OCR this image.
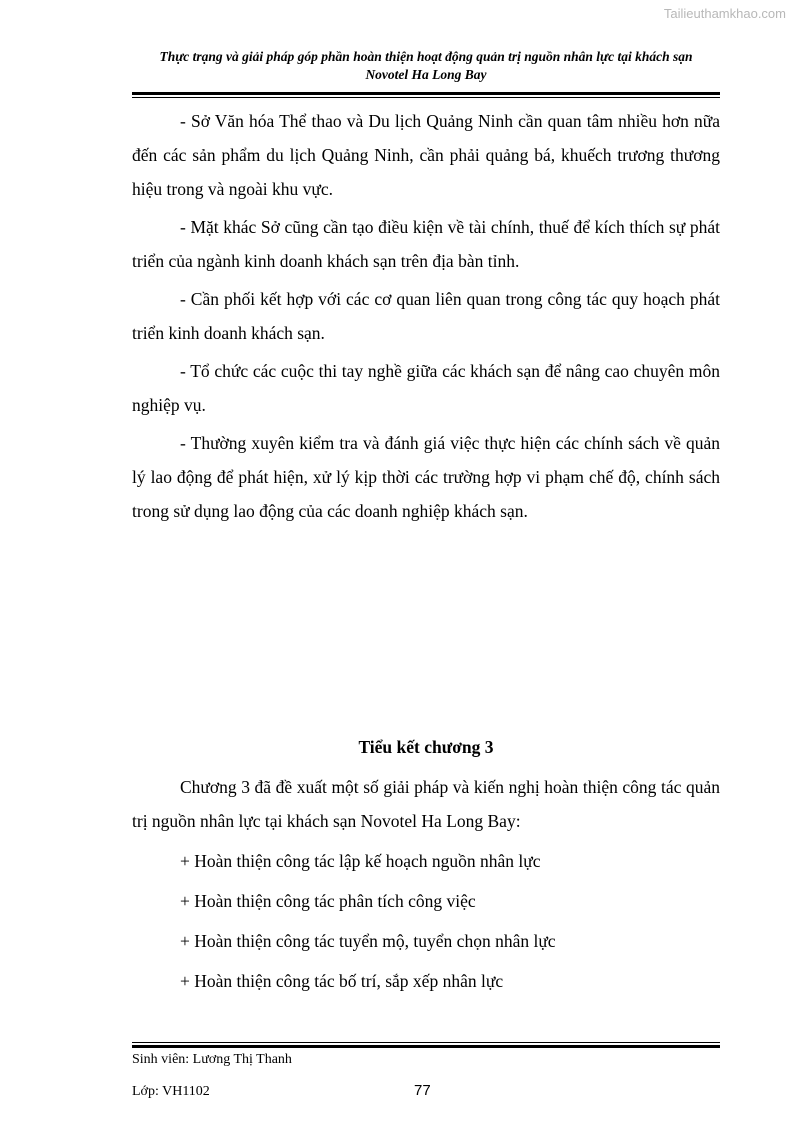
Tailieuthamkhao.com
Thực trạng và giải pháp góp phần hoàn thiện hoạt động quản trị nguồn nhân lực tại khách sạn
Novotel Ha Long Bay

- Sở Văn hóa Thể thao và Du lịch Quảng Ninh cần quan tâm nhiều hơn nữa đến các sản phẩm du lịch Quảng Ninh, cần phải quảng bá, khuếch trương thương hiệu trong và ngoài khu vực.

- Mặt khác Sở cũng cần tạo điều kiện về tài chính, thuế để kích thích sự phát triển của ngành kinh doanh khách sạn trên địa bàn tỉnh.

- Cần phối kết hợp với các cơ quan liên quan trong công tác quy hoạch phát triển kinh doanh khách sạn.

- Tổ chức các cuộc thi tay nghề giữa các khách sạn để nâng cao chuyên môn nghiệp vụ.

- Thường xuyên kiểm tra và đánh giá việc thực hiện các chính sách về quản lý lao động để phát hiện, xử lý kịp thời các trường hợp vi phạm chế độ, chính sách trong sử dụng lao động của các doanh nghiệp khách sạn.

Tiểu kết chương 3

Chương 3 đã đề xuất một số giải pháp và kiến nghị hoàn thiện công tác quản trị nguồn nhân lực tại khách sạn Novotel Ha Long Bay:

+ Hoàn thiện công tác lập kế hoạch nguồn nhân lực

+ Hoàn thiện công tác phân tích công việc

+ Hoàn thiện công tác tuyển mộ, tuyển chọn nhân lực

+ Hoàn thiện công tác bố trí, sắp xếp nhân lực

Sinh viên: Lương Thị Thanh
Lớp: VH1102	77
